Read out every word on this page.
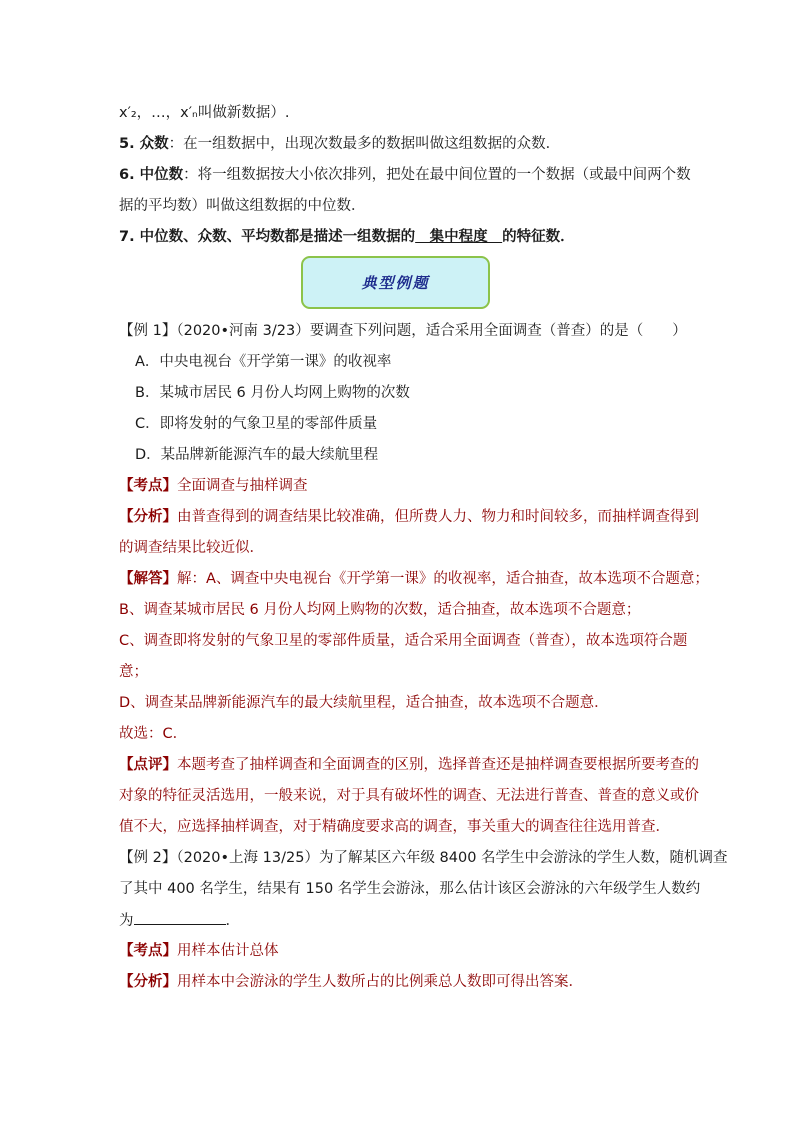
x′₂，…，x′ₙ叫做新数据）.
5. 众数：在一组数据中，出现次数最多的数据叫做这组数据的众数．
6. 中位数：将一组数据按大小依次排列，把处在最中间位置的一个数据（或最中间两个数
据的平均数）叫做这组数据的中位数．
7. 中位数、众数、平均数都是描述一组数据的　集中程度　的特征数．
典型例题
【例 1】（2020•河南 3/23）要调查下列问题，适合采用全面调查（普查）的是（　　）
A．中央电视台《开学第一课》的收视率
B．某城市居民 6 月份人均网上购物的次数
C．即将发射的气象卫星的零部件质量
D．某品牌新能源汽车的最大续航里程
【考点】全面调查与抽样调查
【分析】由普查得到的调查结果比较准确，但所费人力、物力和时间较多，而抽样调查得到
的调查结果比较近似．
【解答】解：A、调查中央电视台《开学第一课》的收视率，适合抽查，故本选项不合题意；
B、调查某城市居民 6 月份人均网上购物的次数，适合抽查，故本选项不合题意；
C、调查即将发射的气象卫星的零部件质量，适合采用全面调查（普查），故本选项符合题
意；
D、调查某品牌新能源汽车的最大续航里程，适合抽查，故本选项不合题意．
故选：C．
【点评】本题考查了抽样调查和全面调查的区别，选择普查还是抽样调查要根据所要考查的
对象的特征灵活选用，一般来说，对于具有破坏性的调查、无法进行普查、普查的意义或价
值不大，应选择抽样调查，对于精确度要求高的调查，事关重大的调查往往选用普查．
【例 2】（2020•上海 13/25）为了解某区六年级 8400 名学生中会游泳的学生人数，随机调查
了其中 400 名学生，结果有 150 名学生会游泳，那么估计该区会游泳的六年级学生人数约
为	．
【考点】用样本估计总体
【分析】用样本中会游泳的学生人数所占的比例乘总人数即可得出答案．
